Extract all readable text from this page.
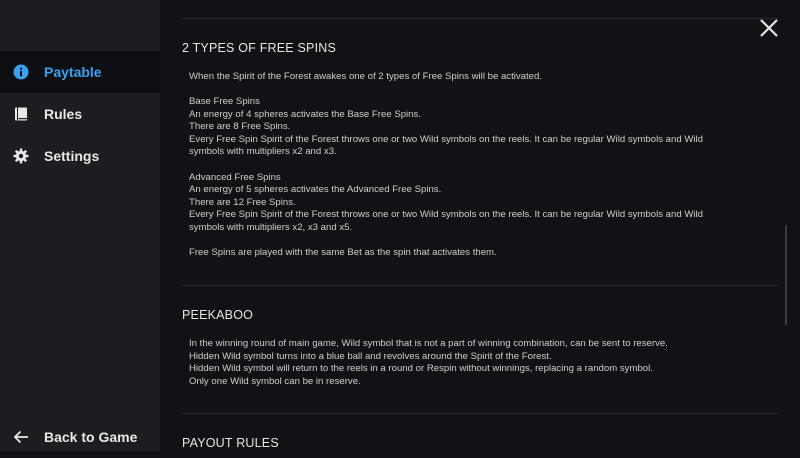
Paytable
Rules
Settings
Back to Game
2 TYPES OF FREE SPINS
When the Spirit of the Forest awakes one of 2 types of Free Spins will be activated.
Base Free Spins
An energy of 4 spheres activates the Base Free Spins.
There are 8 Free Spins.
Every Free Spin Spirit of the Forest throws one or two Wild symbols on the reels. It can be regular Wild symbols and Wild
symbols with multipliers x2 and x3.
Advanced Free Spins
An energy of 5 spheres activates the Advanced Free Spins.
There are 12 Free Spins.
Every Free Spin Spirit of the Forest throws one or two Wild symbols on the reels. It can be regular Wild symbols and Wild
symbols with multipliers x2, x3 and x5.
Free Spins are played with the same Bet as the spin that activates them.
PEEKABOO
In the winning round of main game, Wild symbol that is not a part of winning combination, can be sent to reserve.
Hidden Wild symbol turns into a blue ball and revolves around the Spirit of the Forest.
Hidden Wild symbol will return to the reels in a round or Respin without winnings, replacing a random symbol.
Only one Wild symbol can be in reserve.
PAYOUT RULES
